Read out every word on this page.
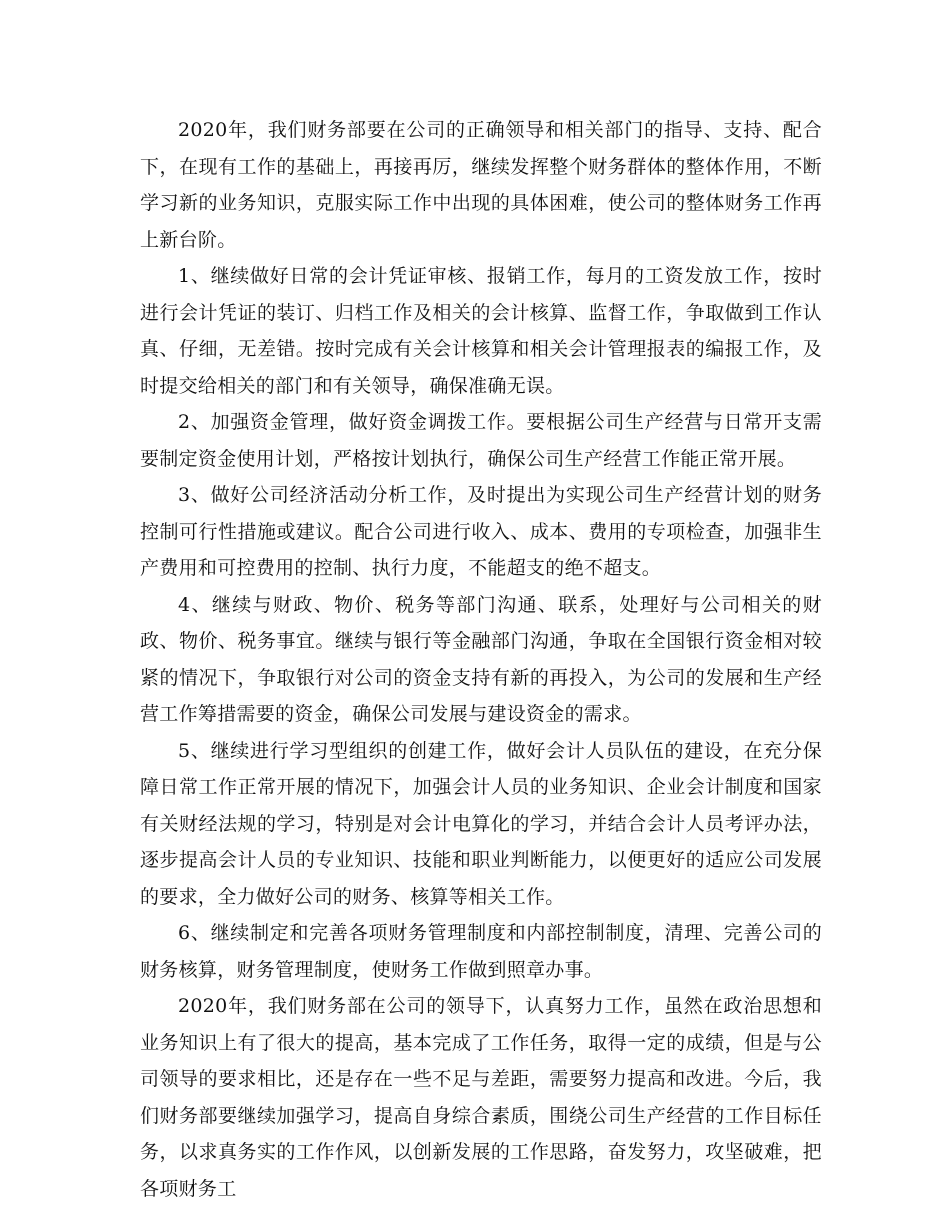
2020年，我们财务部要在公司的正确领导和相关部门的指导、支持、配合下，在现有工作的基础上，再接再厉，继续发挥整个财务群体的整体作用，不断学习新的业务知识，克服实际工作中出现的具体困难，使公司的整体财务工作再上新台阶。

1、继续做好日常的会计凭证审核、报销工作，每月的工资发放工作，按时进行会计凭证的装订、归档工作及相关的会计核算、监督工作，争取做到工作认真、仔细，无差错。按时完成有关会计核算和相关会计管理报表的编报工作，及时提交给相关的部门和有关领导，确保准确无误。

2、加强资金管理，做好资金调拨工作。要根据公司生产经营与日常开支需要制定资金使用计划，严格按计划执行，确保公司生产经营工作能正常开展。

3、做好公司经济活动分析工作，及时提出为实现公司生产经营计划的财务控制可行性措施或建议。配合公司进行收入、成本、费用的专项检查，加强非生产费用和可控费用的控制、执行力度，不能超支的绝不超支。

4、继续与财政、物价、税务等部门沟通、联系，处理好与公司相关的财政、物价、税务事宜。继续与银行等金融部门沟通，争取在全国银行资金相对较紧的情况下，争取银行对公司的资金支持有新的再投入，为公司的发展和生产经营工作筹措需要的资金，确保公司发展与建设资金的需求。

5、继续进行学习型组织的创建工作，做好会计人员队伍的建设，在充分保障日常工作正常开展的情况下，加强会计人员的业务知识、企业会计制度和国家有关财经法规的学习，特别是对会计电算化的学习，并结合会计人员考评办法，逐步提高会计人员的专业知识、技能和职业判断能力，以便更好的适应公司发展的要求，全力做好公司的财务、核算等相关工作。

6、继续制定和完善各项财务管理制度和内部控制制度，清理、完善公司的财务核算，财务管理制度，使财务工作做到照章办事。

2020年，我们财务部在公司的领导下，认真努力工作，虽然在政治思想和业务知识上有了很大的提高，基本完成了工作任务，取得一定的成绩，但是与公司领导的要求相比，还是存在一些不足与差距，需要努力提高和改进。今后，我们财务部要继续加强学习，提高自身综合素质，围绕公司生产经营的工作目标任务，以求真务实的工作作风，以创新发展的工作思路，奋发努力，攻坚破难，把各项财务工
